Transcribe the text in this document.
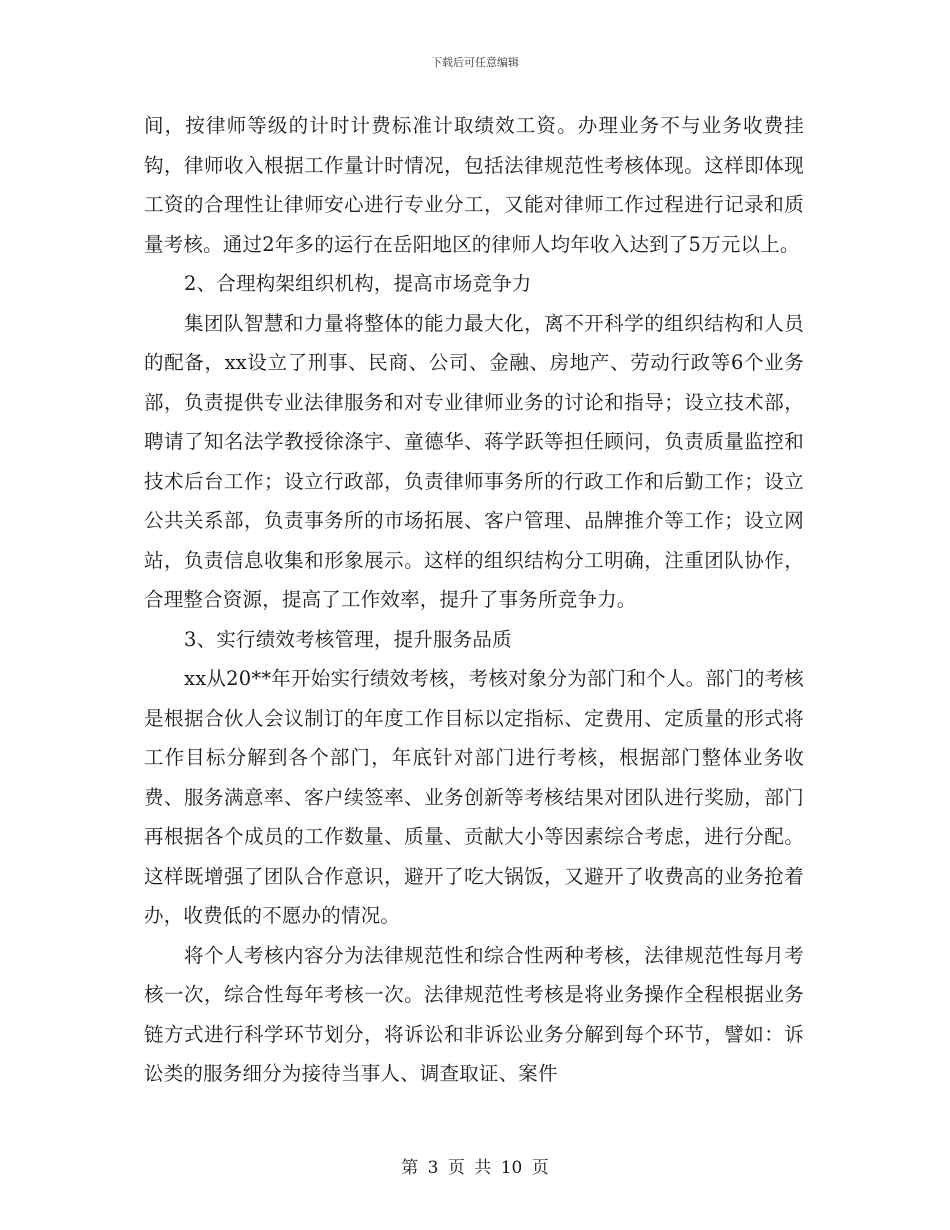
下载后可任意编辑

间，按律师等级的计时计费标准计取绩效工资。办理业务不与业务收费挂钩，律师收入根据工作量计时情况，包括法律规范性考核体现。这样即体现工资的合理性让律师安心进行专业分工，又能对律师工作过程进行记录和质量考核。通过2年多的运行在岳阳地区的律师人均年收入达到了5万元以上。

2、合理构架组织机构，提高市场竞争力

集团队智慧和力量将整体的能力最大化，离不开科学的组织结构和人员的配备，xx设立了刑事、民商、公司、金融、房地产、劳动行政等6个业务部，负责提供专业法律服务和对专业律师业务的讨论和指导；设立技术部，聘请了知名法学教授徐涤宇、童德华、蒋学跃等担任顾问，负责质量监控和技术后台工作；设立行政部，负责律师事务所的行政工作和后勤工作；设立公共关系部，负责事务所的市场拓展、客户管理、品牌推介等工作；设立网站，负责信息收集和形象展示。这样的组织结构分工明确，注重团队协作，合理整合资源，提高了工作效率，提升了事务所竞争力。

3、实行绩效考核管理，提升服务品质

xx从20**年开始实行绩效考核，考核对象分为部门和个人。部门的考核是根据合伙人会议制订的年度工作目标以定指标、定费用、定质量的形式将工作目标分解到各个部门，年底针对部门进行考核，根据部门整体业务收费、服务满意率、客户续签率、业务创新等考核结果对团队进行奖励，部门再根据各个成员的工作数量、质量、贡献大小等因素综合考虑，进行分配。这样既增强了团队合作意识，避开了吃大锅饭，又避开了收费高的业务抢着办，收费低的不愿办的情况。

将个人考核内容分为法律规范性和综合性两种考核，法律规范性每月考核一次，综合性每年考核一次。法律规范性考核是将业务操作全程根据业务链方式进行科学环节划分，将诉讼和非诉讼业务分解到每个环节，譬如：诉讼类的服务细分为接待当事人、调查取证、案件

第 3 页 共 10 页
